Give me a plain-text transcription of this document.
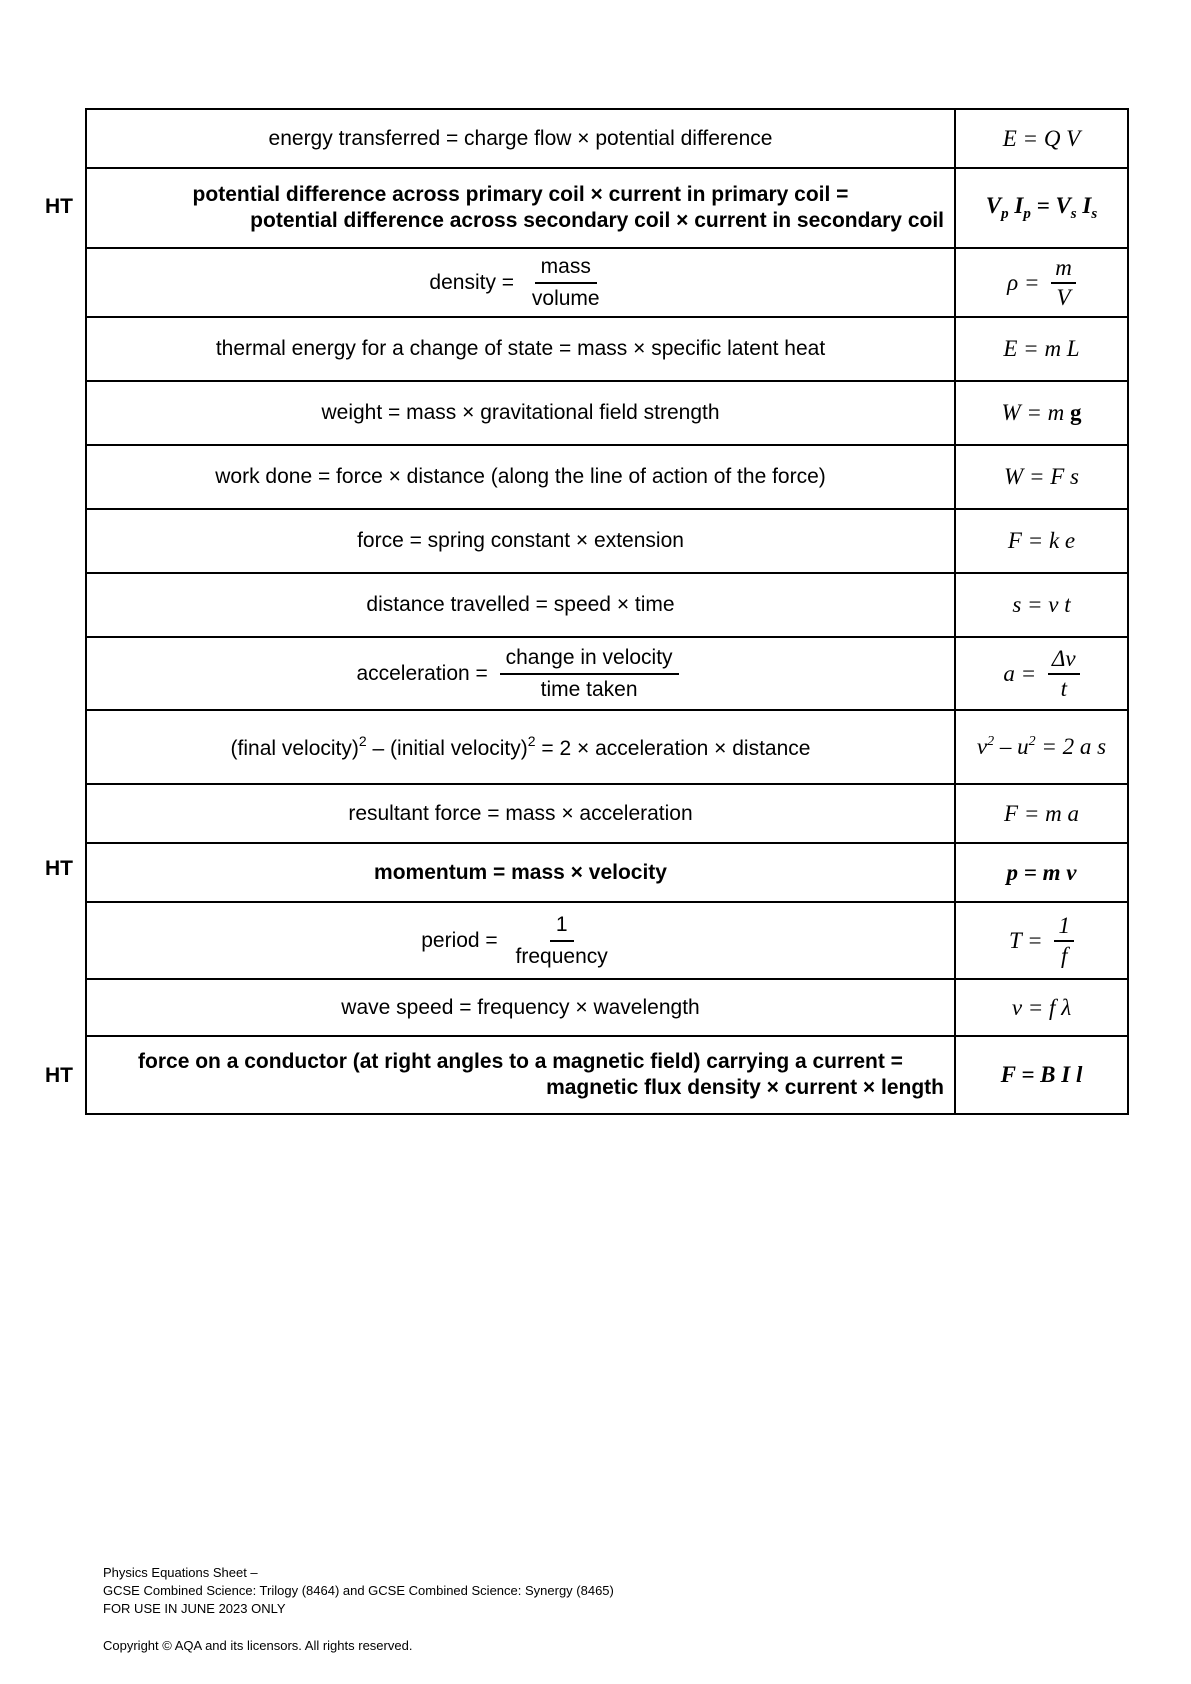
energy transferred = charge flow × potential difference	E = Q V
potential difference across primary coil × current in primary coil =
potential difference across secondary coil × current in secondary coil	$V_p$ $I_p = V_s$ $I_s$
density = $\frac{\text{mass}}{\text{volume}}$	$\rho = \frac{m}{V}$

thermal energy for a change of state = mass × specific latent heat	E = m L
weight = mass × gravitational field strength	W = m g
work done = force × distance (along the line of action of the force)	W = F s
force = spring constant × extension	F = k e
distance travelled = speed × time	s = v t
acceleration = $\frac{\text{change in velocity}}{\text{time taken}}$	$a = \frac{\Delta v}{t}$

(final velocity)$^2$ – (initial velocity)$^2$ = 2 × acceleration × distance	$v^2 - u^2 = 2$ a s
resultant force = mass × acceleration	F = m a
momentum = mass × velocity	p = m v
period = $\frac{1}{\text{frequency}}$	$T = \frac{1}{f}$

wave speed = frequency × wavelength	v = f λ
force on a conductor (at right angles to a magnetic field) carrying a current =
magnetic flux density × current × length	F = B I l
HT
HT
HT
Physics Equations Sheet –
GCSE Combined Science: Trilogy (8464) and GCSE Combined Science: Synergy (8465)
FOR USE IN JUNE 2023 ONLY
Copyright © AQA and its licensors. All rights reserved.
